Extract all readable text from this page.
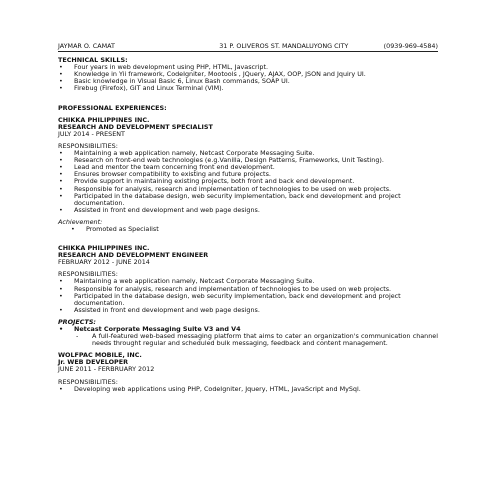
JAYMAR O. CAMAT	31 P. OLIVEROS ST. MANDALUYONG CITY	(0939-969-4584)
TECHNICAL SKILLS:
• Four years in web development using PHP, HTML, Javascript.
• Knowledge in Yii framework, CodeIgniter, Mootools , JQuery, AJAX, OOP, JSON and Jquiry UI.
• Basic knowledge in Visual Basic 6, Linux Bash commands, SOAP UI.
• Firebug (Firefox), GIT and Linux Terminal (VIM).
PROFESSIONAL EXPERIENCES:
CHIKKA PHILIPPINES INC.
RESEARCH AND DEVELOPMENT SPECIALIST
JULY 2014 - PRESENT
RESPONSIBILITIES:
• Maintaining a web application namely, Netcast Corporate Messaging Suite.
• Research on front-end web technologies (e.g.Vanilla, Design Patterns, Frameworks, Unit Testing).
• Lead and mentor the team concerning front end development.
• Ensures browser compatibility to existing and future projects.
• Provide support in maintaining existing projects, both front and back end development.
• Responsible for analysis, research and implementation of technologies to be used on web projects.
• Participated in the database design, web security implementation, back end development and project documentation.
• Assisted in front end development and web page designs.
Achievement:
• Promoted as Specialist
CHIKKA PHILIPPINES INC.
RESEARCH AND DEVELOPMENT ENGINEER
FEBRUARY 2012 - JUNE 2014
RESPONSIBILITIES:
• Maintaining a web application namely, Netcast Corporate Messaging Suite.
• Responsible for analysis, research and implementation of technologies to be used on web projects.
• Participated in the database design, web security implementation, back end development and project documentation.
• Assisted in front end development and web page designs.
PROJECTS:
• Netcast Corporate Messaging Suite V3 and V4
- A full-featured web-based messaging platform that aims to cater an organization's communication channel needs throught regular and scheduled bulk messaging, feedback and content management.
WOLFPAC MOBILE, INC.
Jr. WEB DEVELOPER
JUNE 2011 - FERBRUARY 2012
RESPONSIBILITIES:
• Developing web applications using PHP, CodeIgniter, Jquery, HTML, JavaScript and MySql.
